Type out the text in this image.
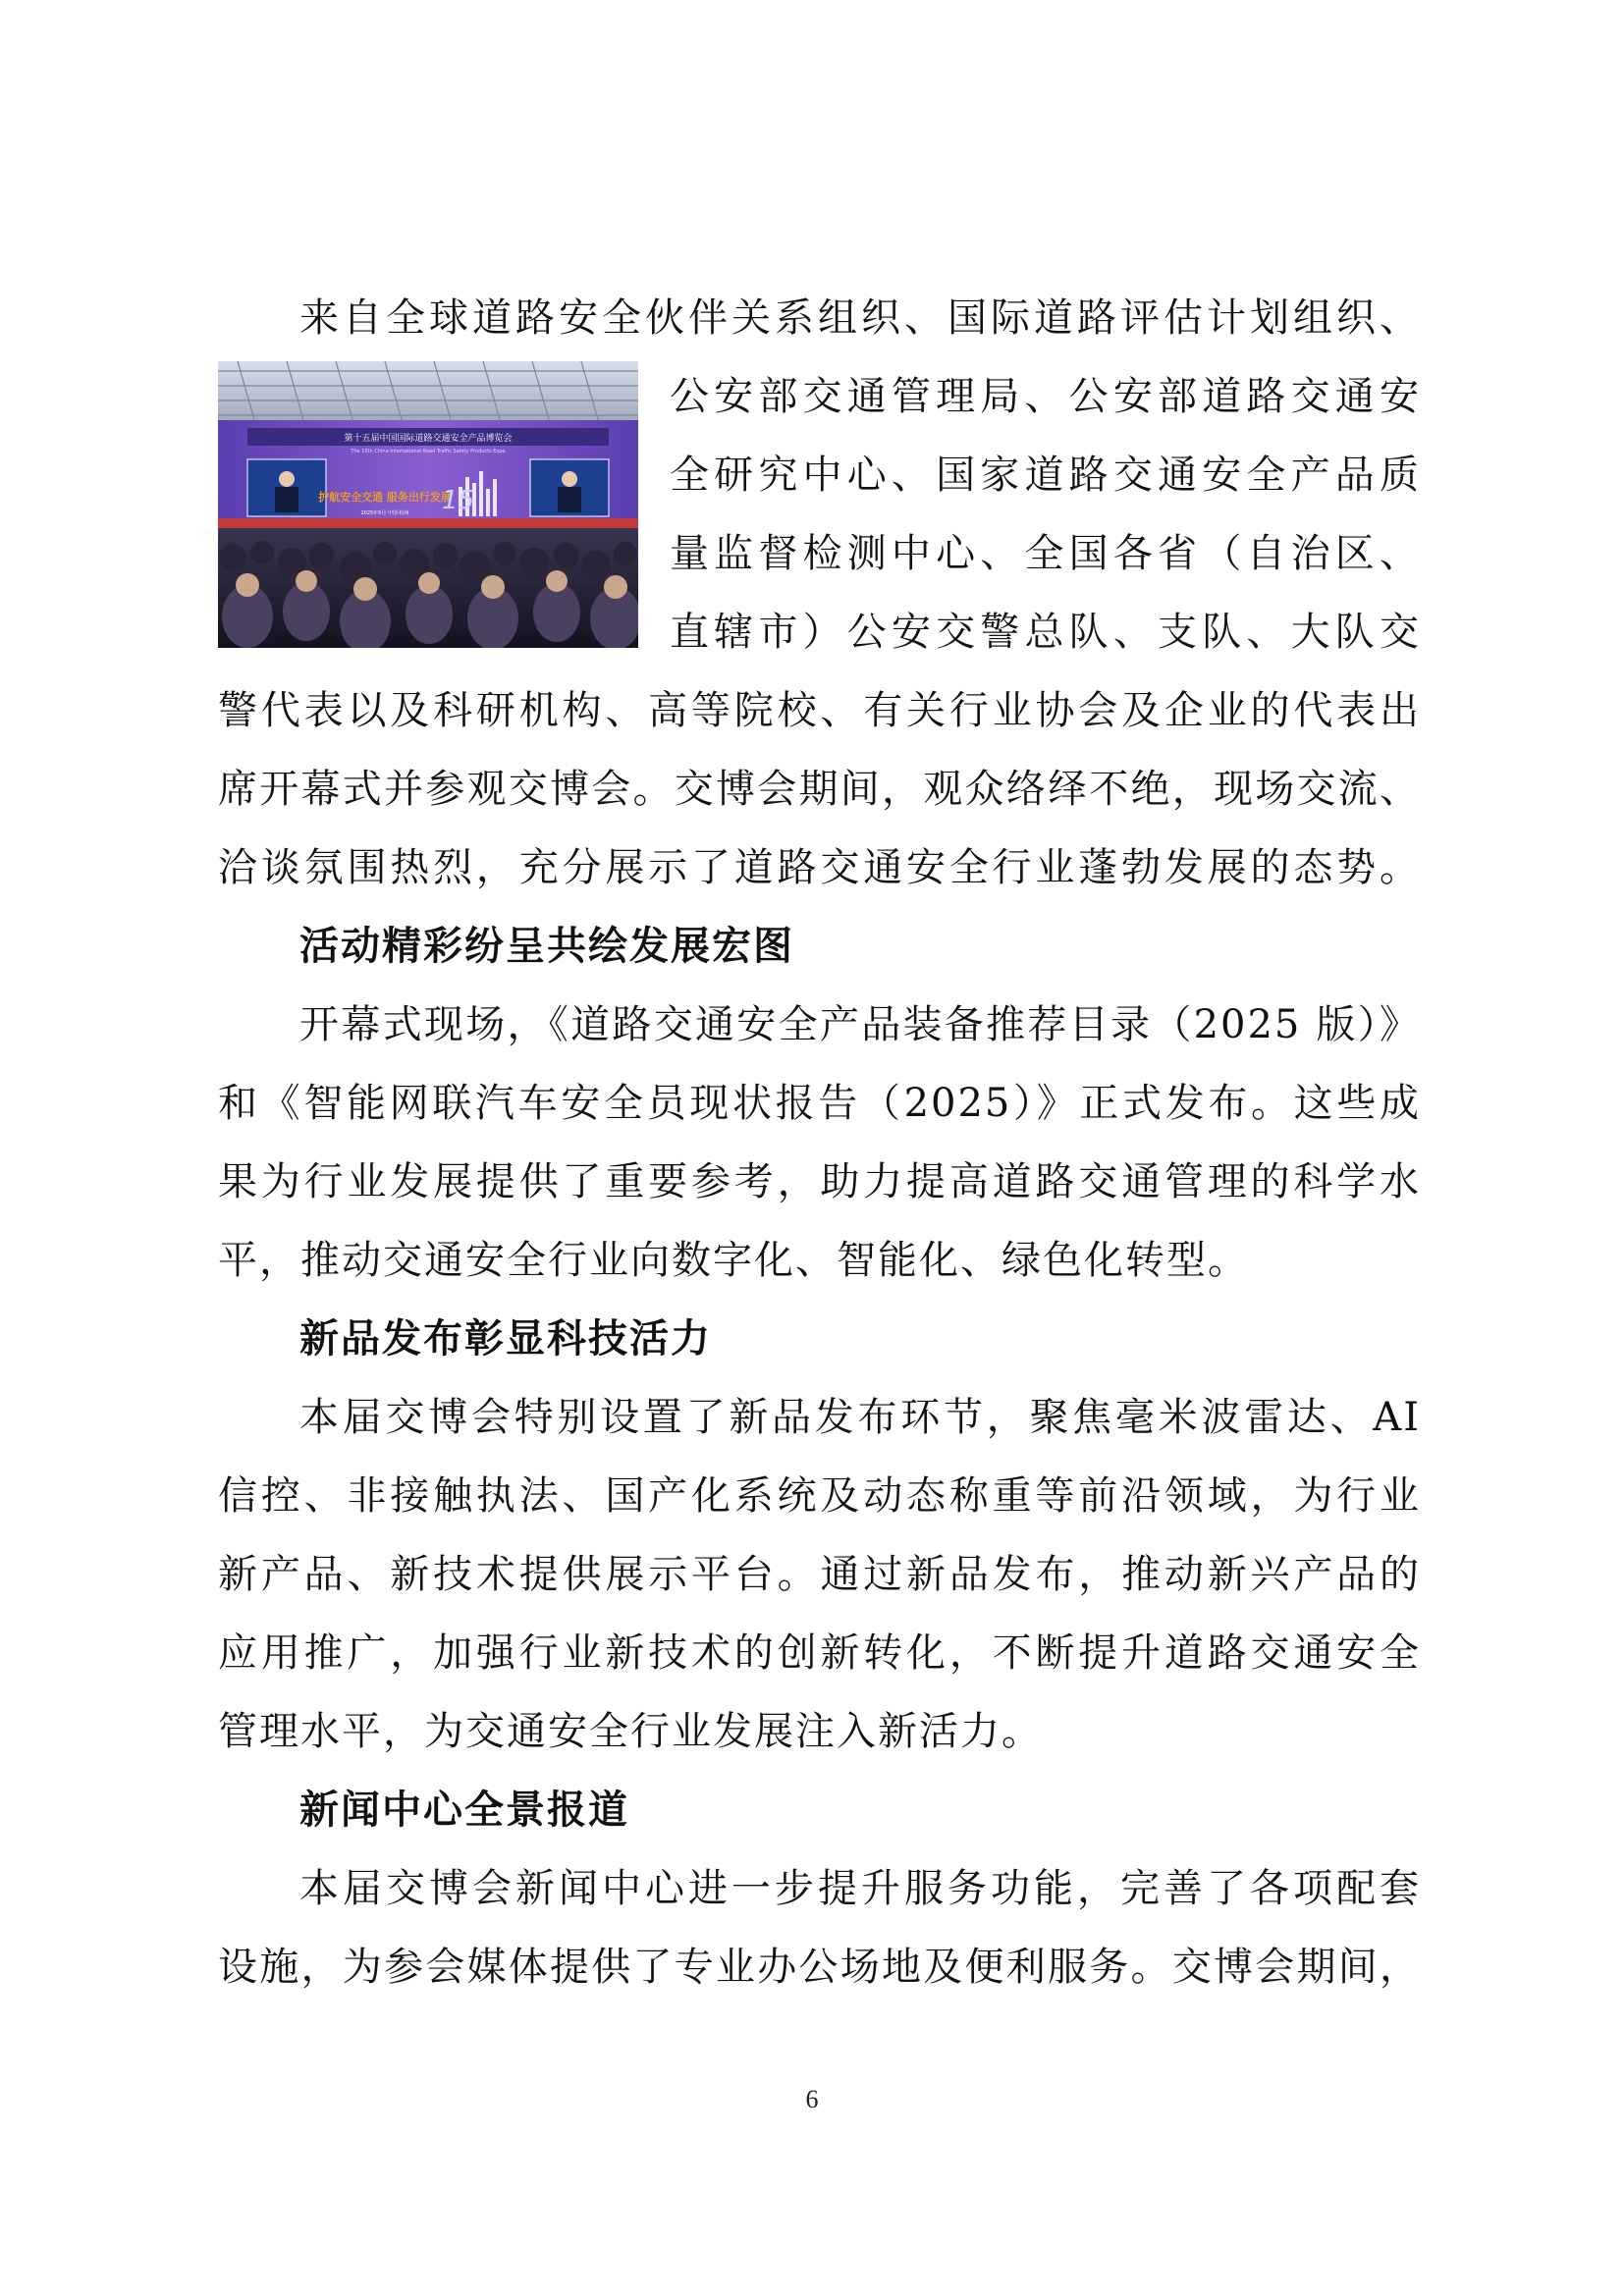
来自全球道路安全伙伴关系组织、国际道路评估计划组织、
第十五届中国国际道路交通安全产品博览会
The 15th China International Road Traffic Safety Products Expo
护航安全交通 服务出行发展
2025年5月 中国·杭州 15
公安部交通管理局、公安部道路交通安
全研究中心、国家道路交通安全产品质
量监督检测中心、全国各省（自治区、
直辖市）公安交警总队、支队、大队交
警代表以及科研机构、高等院校、有关行业协会及企业的代表出
席开幕式并参观交博会。交博会期间，观众络绎不绝，现场交流、
洽谈氛围热烈，充分展示了道路交通安全行业蓬勃发展的态势。
活动精彩纷呈共绘发展宏图
开幕式现场，《道路交通安全产品装备推荐目录（2025 版）》
和《智能网联汽车安全员现状报告（2025）》正式发布。这些成
果为行业发展提供了重要参考，助力提高道路交通管理的科学水
平，推动交通安全行业向数字化、智能化、绿色化转型。
新品发布彰显科技活力
本届交博会特别设置了新品发布环节，聚焦毫米波雷达、AI
信控、非接触执法、国产化系统及动态称重等前沿领域，为行业
新产品、新技术提供展示平台。通过新品发布，推动新兴产品的
应用推广，加强行业新技术的创新转化，不断提升道路交通安全
管理水平，为交通安全行业发展注入新活力。
新闻中心全景报道
本届交博会新闻中心进一步提升服务功能，完善了各项配套
设施，为参会媒体提供了专业办公场地及便利服务。交博会期间，
6
